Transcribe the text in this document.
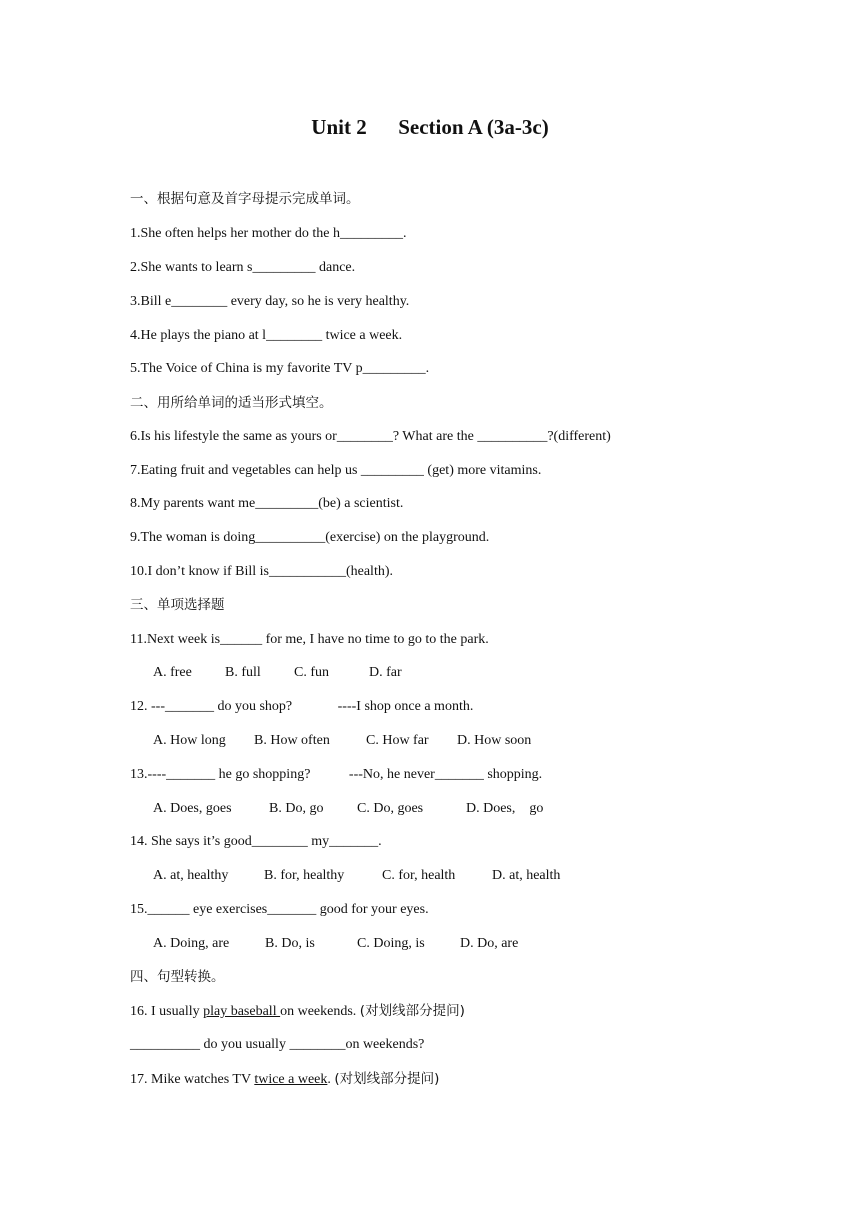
Unit 2      Section A (3a-3c)
一、根据句意及首字母提示完成单词。
1.She often helps her mother do the h_________.
2.She wants to learn s_________ dance.
3.Bill e________ every day, so he is very healthy.
4.He plays the piano at l________ twice a week.
5.The Voice of China is my favorite TV p_________.
二、用所给单词的适当形式填空。
6.Is his lifestyle the same as yours or________? What are the __________?(different)
7.Eating fruit and vegetables can help us _________ (get) more vitamins.
8.My parents want me_________(be) a scientist.
9.The woman is doing__________(exercise) on the playground.
10.I don’t know if Bill is___________(health).
三、单项选择题
11.Next week is______ for me, I have no time to go to the park.
A. free B. full C. fun	D. far
12. ---_______ do you shop?             ----I shop once a month.
A. How long B. How often	C. How far D. How soon
13.----_______ he go shopping?           ---No, he never_______ shopping.
A. Does, goes	B. Do, go C. Do, goes	D. Does,    go
14. She says it’s good________ my_______.
A. at, healthy	B. for, healthy	C. for, health	D. at, health
15.______ eye exercises_______ good for your eyes.
A. Doing, are	B. Do, is	C. Doing, is	D. Do, are
四、句型转换。
16. I usually play baseball on weekends. (对划线部分提问)
__________ do you usually ________on weekends?
17. Mike watches TV twice a week. (对划线部分提问)
